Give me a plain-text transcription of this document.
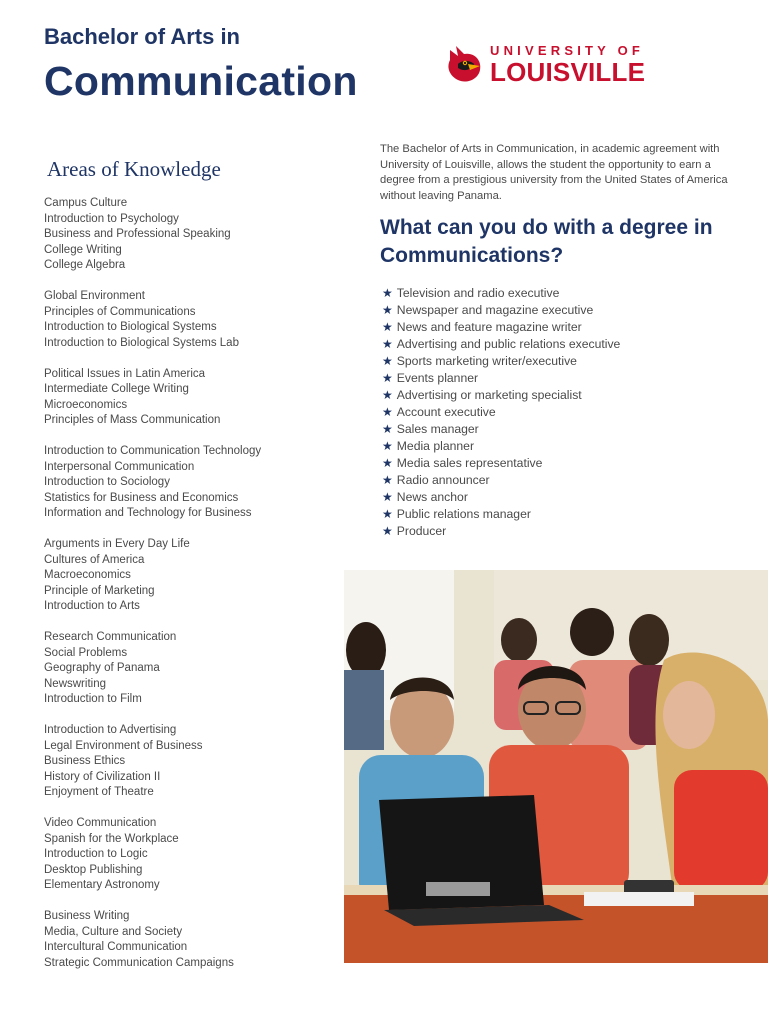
Bachelor of Arts in
Communication
UNIVERSITY OF
LOUISVILLE
Areas of Knowledge
Campus Culture
Introduction to Psychology
Business and Professional Speaking
College Writing
College Algebra
Global Environment
Principles of Communications
Introduction to Biological Systems
Introduction to Biological Systems Lab
Political Issues in Latin America
Intermediate College Writing
Microeconomics
Principles of Mass Communication
Introduction to Communication Technology
Interpersonal Communication
Introduction to Sociology
Statistics for Business and Economics
Information and Technology for Business
Arguments in Every Day Life
Cultures of America
Macroeconomics
Principle of Marketing
Introduction to Arts
Research Communication
Social Problems
Geography of Panama
Newswriting
Introduction to Film
Introduction to Advertising
Legal Environment of Business
Business Ethics
History of Civilization II
Enjoyment of Theatre
Video Communication
Spanish for the Workplace
Introduction to Logic
Desktop Publishing
Elementary Astronomy
Business Writing
Media, Culture and Society
Intercultural Communication
Strategic Communication Campaigns

The Bachelor of Arts in Communication, in academic agreement with University of Louisville, allows the student the opportunity to earn a degree from a prestigious university from the United States of America without leaving Panama.

What can you do with a degree in Communications?
★ Television and radio executive
★ Newspaper and magazine executive
★ News and feature magazine writer
★ Advertising and public relations executive
★ Sports marketing writer/executive
★ Events planner
★ Advertising or marketing specialist
★ Account executive
★ Sales manager
★ Media planner
★ Media sales representative
★ Radio announcer
★ News anchor
★ Public relations manager
★ Producer
